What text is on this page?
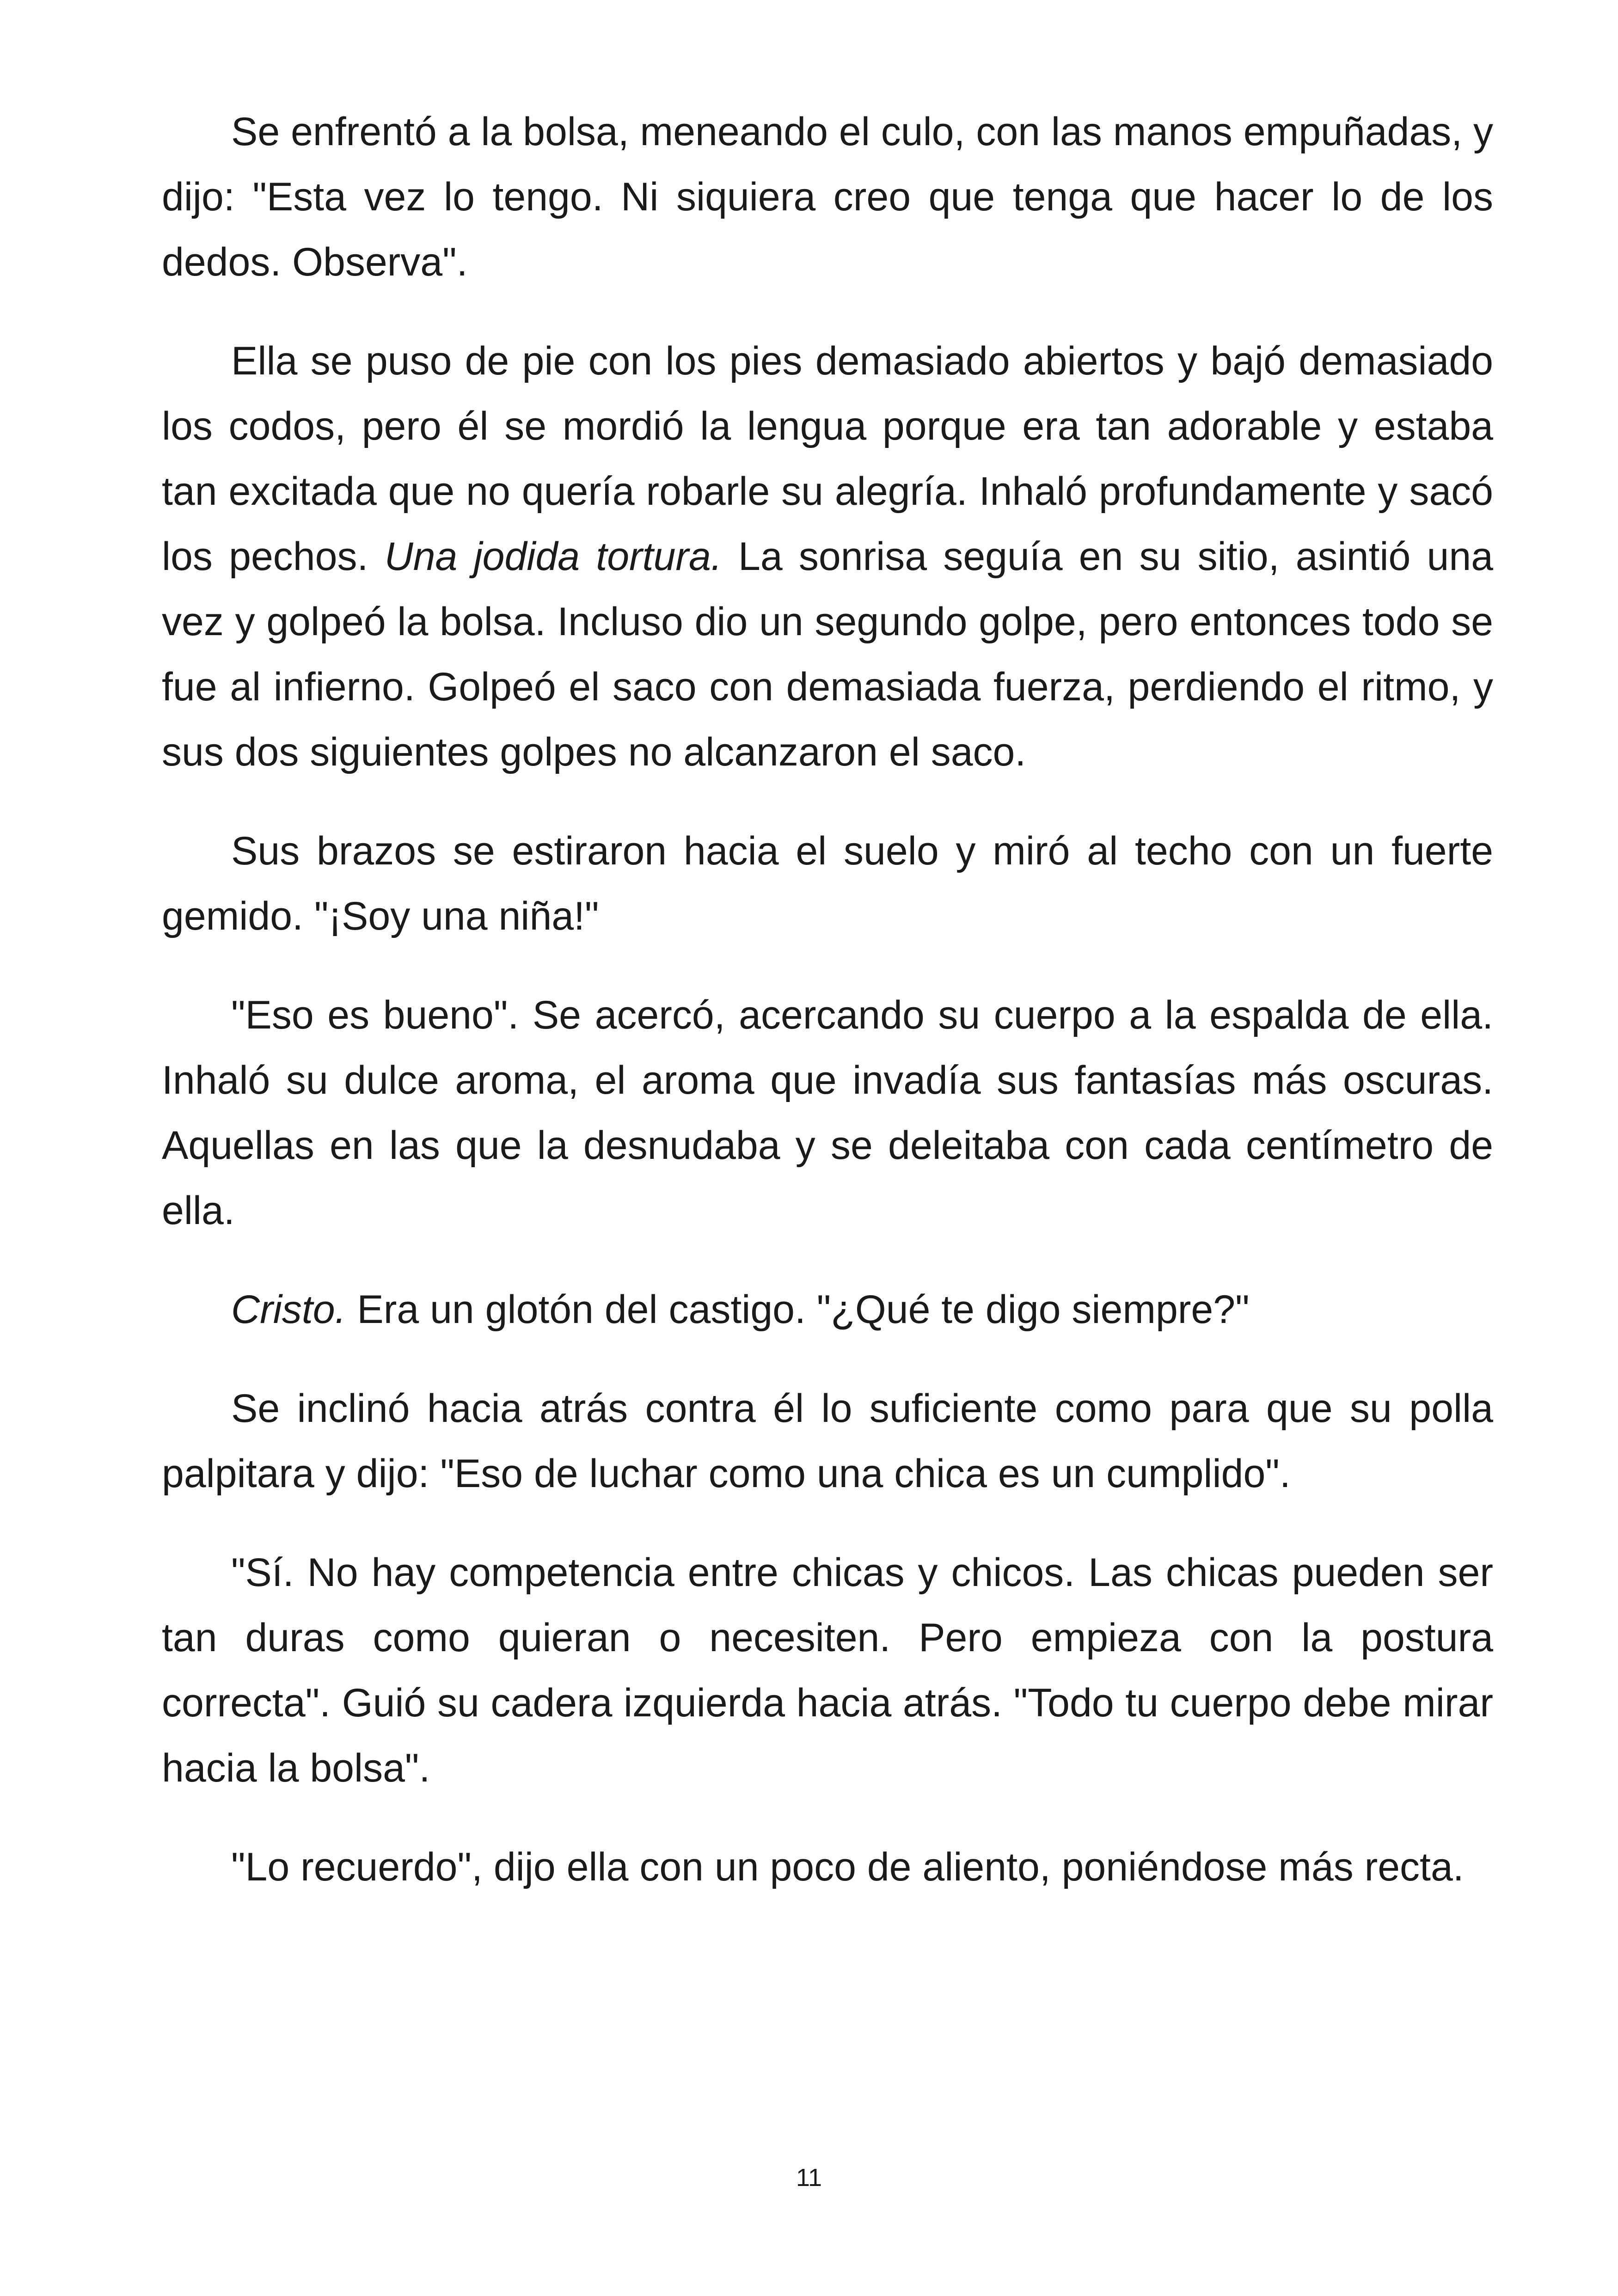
Se enfrentó a la bolsa, meneando el culo, con las manos empuñadas, y dijo: "Esta vez lo tengo. Ni siquiera creo que tenga que hacer lo de los dedos. Observa".

Ella se puso de pie con los pies demasiado abiertos y bajó demasiado los codos, pero él se mordió la lengua porque era tan adorable y estaba tan excitada que no quería robarle su alegría. Inhaló profundamente y sacó los pechos. Una jodida tortura. La sonrisa seguía en su sitio, asintió una vez y golpeó la bolsa. Incluso dio un segundo golpe, pero entonces todo se fue al infierno. Golpeó el saco con demasiada fuerza, perdiendo el ritmo, y sus dos siguientes golpes no alcanzaron el saco.

Sus brazos se estiraron hacia el suelo y miró al techo con un fuerte gemido. "¡Soy una niña!"

"Eso es bueno". Se acercó, acercando su cuerpo a la espalda de ella. Inhaló su dulce aroma, el aroma que invadía sus fantasías más oscuras. Aquellas en las que la desnudaba y se deleitaba con cada centímetro de ella.

Cristo. Era un glotón del castigo. "¿Qué te digo siempre?"

Se inclinó hacia atrás contra él lo suficiente como para que su polla palpitara y dijo: "Eso de luchar como una chica es un cumplido".

"Sí. No hay competencia entre chicas y chicos. Las chicas pueden ser tan duras como quieran o necesiten. Pero empieza con la postura correcta". Guió su cadera izquierda hacia atrás. "Todo tu cuerpo debe mirar hacia la bolsa".

"Lo recuerdo", dijo ella con un poco de aliento, poniéndose más recta.

11
